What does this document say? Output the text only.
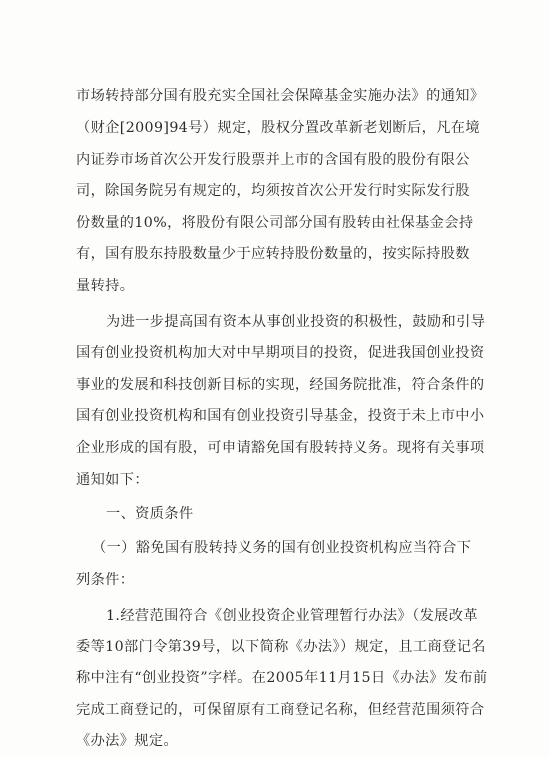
市场转持部分国有股充实全国社会保障基金实施办法》的通知》
（财企[2009]94号）规定，股权分置改革新老划断后，凡在境
内证券市场首次公开发行股票并上市的含国有股的股份有限公
司，除国务院另有规定的，均须按首次公开发行时实际发行股
份数量的10%，将股份有限公司部分国有股转由社保基金会持
有，国有股东持股数量少于应转持股份数量的，按实际持股数
量转持。
为进一步提高国有资本从事创业投资的积极性，鼓励和引导
国有创业投资机构加大对中早期项目的投资，促进我国创业投资
事业的发展和科技创新目标的实现，经国务院批准，符合条件的
国有创业投资机构和国有创业投资引导基金，投资于未上市中小
企业形成的国有股，可申请豁免国有股转持义务。现将有关事项
通知如下：
一、资质条件
（一）豁免国有股转持义务的国有创业投资机构应当符合下
列条件：
1.经营范围符合《创业投资企业管理暂行办法》（发展改革
委等10部门令第39号，以下简称《办法》）规定，且工商登记名
称中注有“创业投资”字样。在2005年11月15日《办法》发布前
完成工商登记的，可保留原有工商登记名称，但经营范围须符合
《办法》规定。
